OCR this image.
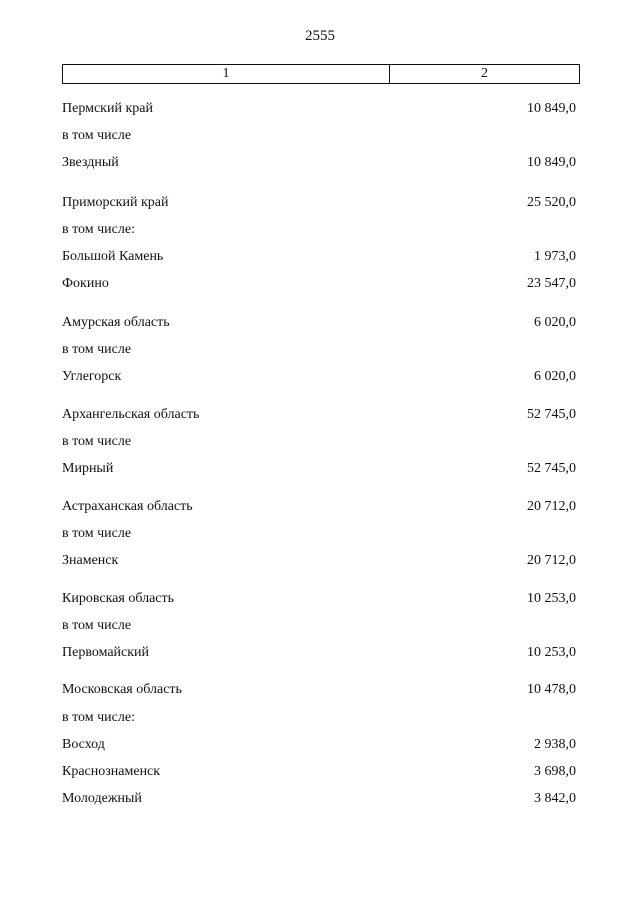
2555
1	2
Пермский край	10 849,0
в том числе
Звездный	10 849,0
Приморский край	25 520,0
в том числе:
Большой Камень	1 973,0
Фокино	23 547,0
Амурская область	6 020,0
в том числе
Углегорск	6 020,0
Архангельская область	52 745,0
в том числе
Мирный	52 745,0
Астраханская область	20 712,0
в том числе
Знаменск	20 712,0
Кировская область	10 253,0
в том числе
Первомайский	10 253,0
Московская область	10 478,0
в том числе:
Восход	2 938,0
Краснознаменск	3 698,0
Молодежный	3 842,0
